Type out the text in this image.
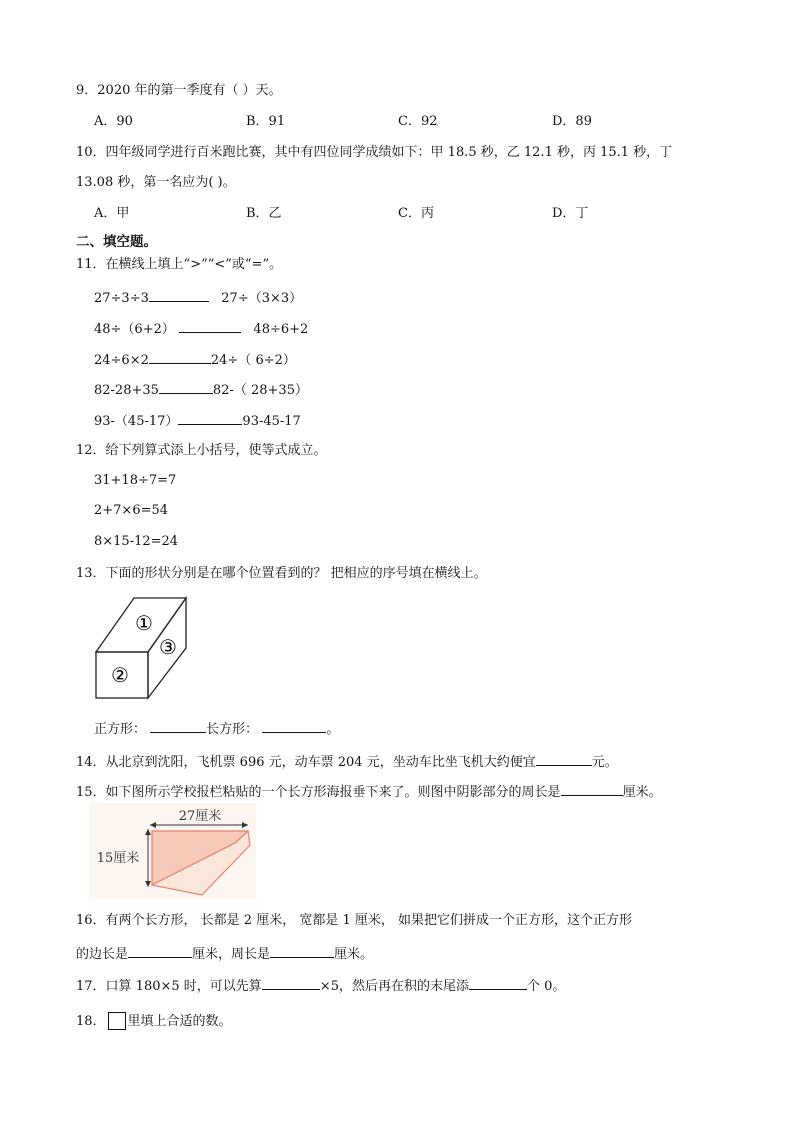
9．2020 年的第一季度有（ ）天。
A．90	B．91	C．92	D．89
10．四年级同学进行百米跑比赛，其中有四位同学成绩如下：甲 18.5 秒，乙 12.1 秒，丙 15.1 秒，丁
13.08 秒，第一名应为( )。
A．甲	B．乙	C．丙	D．丁
二、填空题。
11．在横线上填上“>”“<”或“=”。
27÷3÷3	27÷（3×3）
48÷（6+2）	48÷6+2
24÷6×2	24÷（ 6÷2）
82-28+35	82-（ 28+35）
93-（45-17）	93-45-17
12．给下列算式添上小括号，使等式成立。
31+18÷7=7
2+7×6=54
8×15-12=24
13．下面的形状分别是在哪个位置看到的？ 把相应的序号填在横线上。
①
②
③
正方形：	长方形：	。
14．从北京到沈阳，飞机票 696 元，动车票 204 元，坐动车比坐飞机大约便宜	元。
15．如下图所示学校报栏粘贴的一个长方形海报垂下来了。则图中阴影部分的周长是	厘米。
27厘米
15厘米
16．有两个长方形， 长都是 2 厘米， 宽都是 1 厘米， 如果把它们拼成一个正方形，这个正方形
的边长是	厘米，周长是	厘米。
17．口算 180×5 时，可以先算	×5，然后再在积的末尾添	个 0。
18． 里填上合适的数。
